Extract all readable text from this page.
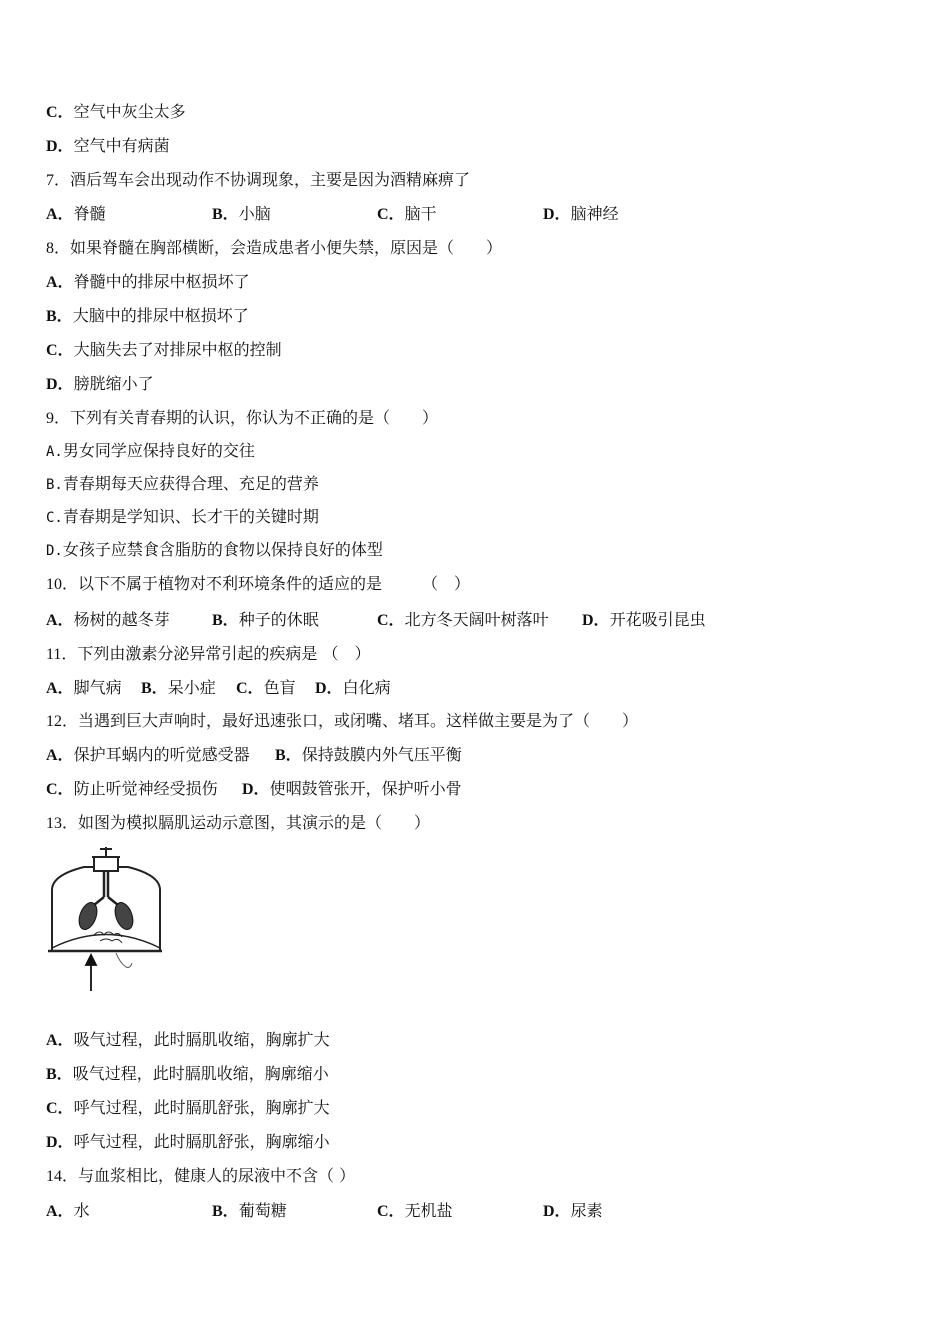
C．空气中灰尘太多
D．空气中有病菌
7．酒后驾车会出现动作不协调现象，主要是因为酒精麻痹了
A．脊髓	B．小脑	C．脑干	D．脑神经
8．如果脊髓在胸部横断，会造成患者小便失禁，原因是（　　）
A．脊髓中的排尿中枢损坏了
B．大脑中的排尿中枢损坏了
C．大脑失去了对排尿中枢的控制
D．膀胱缩小了
9．下列有关青春期的认识，你认为不正确的是（　　）
A.男女同学应保持良好的交往
B.青春期每天应获得合理、充足的营养
C.青春期是学知识、长才干的关键时期
D.女孩子应禁食含脂肪的食物以保持良好的体型
10．以下不属于植物对不利环境条件的适应的是	（　）
A．杨树的越冬芽	B．种子的休眠	C．北方冬天阔叶树落叶 D．开花吸引昆虫
11．下列由激素分泌异常引起的疾病是 （　）
A．脚气病 B．呆小症 C．色盲 D．白化病
12．当遇到巨大声响时，最好迅速张口，或闭嘴、堵耳。这样做主要是为了（　　）
A．保护耳蜗内的听觉感受器 B．保持鼓膜内外气压平衡
C．防止听觉神经受损伤 D．使咽鼓管张开，保护听小骨
13．如图为模拟膈肌运动示意图，其演示的是（　　）
A．吸气过程，此时膈肌收缩，胸廓扩大
B．吸气过程，此时膈肌收缩，胸廓缩小
C．呼气过程，此时膈肌舒张，胸廓扩大
D．呼气过程，此时膈肌舒张，胸廓缩小
14．与血浆相比，健康人的尿液中不含（ ）
A．水	B．葡萄糖	C．无机盐	D．尿素
